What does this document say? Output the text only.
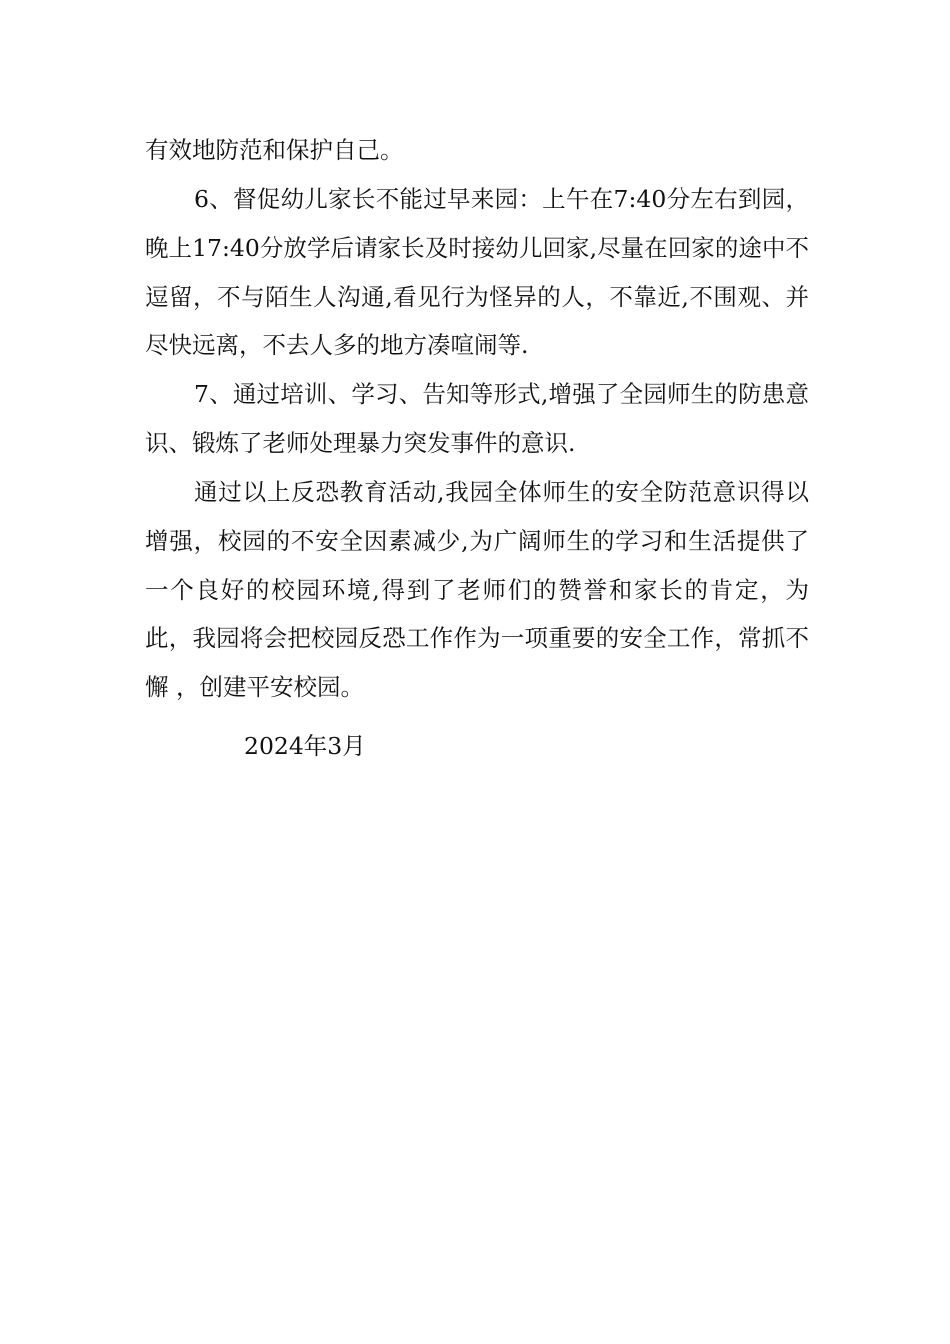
有效地防范和保护自己。

6、督促幼儿家长不能过早来园：上午在7:40分左右到园，晚上17:40分放学后请家长及时接幼儿回家,尽量在回家的途中不逗留，不与陌生人沟通,看见行为怪异的人，不靠近,不围观、并尽快远离，不去人多的地方凑喧闹等.

7、通过培训、学习、告知等形式,增强了全园师生的防患意识、锻炼了老师处理暴力突发事件的意识.

通过以上反恐教育活动,我园全体师生的安全防范意识得以增强，校园的不安全因素减少,为广阔师生的学习和生活提供了一个良好的校园环境,得到了老师们的赞誉和家长的肯定，为此，我园将会把校园反恐工作作为一项重要的安全工作，常抓不懈 ，创建平安校园。

2024年3月
